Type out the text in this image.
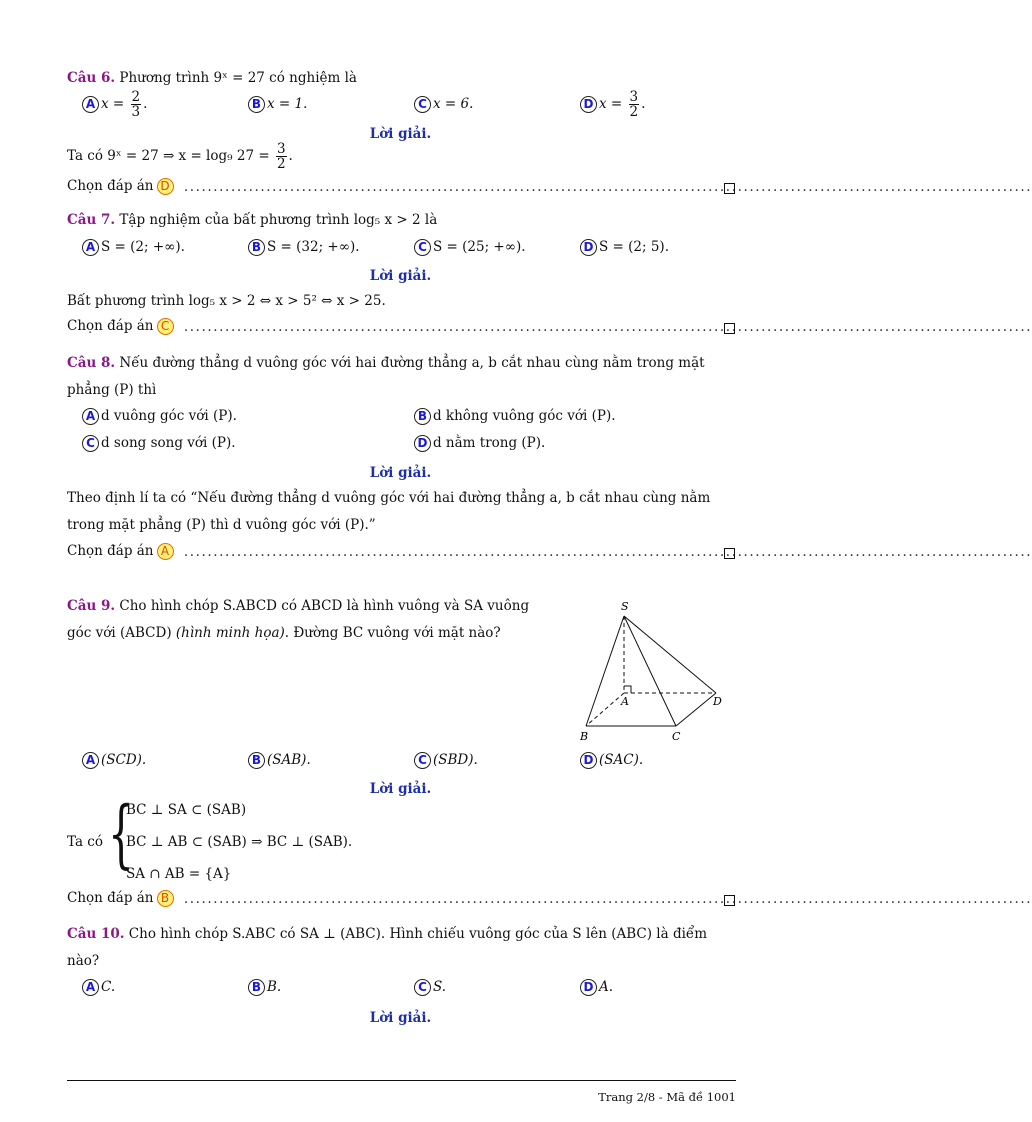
Câu 6. Phương trình 9ˣ = 27 có nghiệm là
A $x = \frac{2}{3}$ .	B x = 1.	C x = 6.	D $x = \frac{3}{2}$ .
Lời giải.
Ta có 9ˣ = 27 ⇒ x = log₉ $27 = \frac{3}{2}$ .
Chọn đáp án D ................................................................................................................................................
Câu 7. Tập nghiệm của bất phương trình log₅ x > 2 là
A S = (2; +∞).	B S = (32; +∞).	C S = (25; +∞).	D S = (2; 5).
Lời giải.
Bất phương trình log₅ x > 2 ⇔ x > 5² ⇔ x > 25.
Chọn đáp án C ................................................................................................................................................
Câu 8. Nếu đường thẳng d vuông góc với hai đường thẳng a, b cắt nhau cùng nằm trong mặt
phẳng (P) thì
A d vuông góc với (P).	B d không vuông góc với (P).
C d song song với (P).	D d nằm trong (P).
Lời giải.
Theo định lí ta có “Nếu đường thẳng d vuông góc với hai đường thẳng a, b cắt nhau cùng nằm
trong mặt phẳng (P) thì d vuông góc với (P).”
Chọn đáp án A ................................................................................................................................................
Câu 9. Cho hình chóp S.ABCD có ABCD là hình vuông và SA vuông
góc với (ABCD) (hình minh họa). Đường BC vuông với mặt nào?
S
A
B	C
D
A (SCD).	B (SAB).	C (SBD).	D (SAC).
Lời giải.
Ta có {
BC ⊥ SA ⊂ (SAB)
BC ⊥ AB ⊂ (SAB) ⇒ BC ⊥ (SAB).
SA ∩ AB = {A}
Chọn đáp án B ................................................................................................................................................
Câu 10. Cho hình chóp S.ABC có SA ⊥ (ABC). Hình chiếu vuông góc của S lên (ABC) là điểm
nào?
A C.	B B.	C S.	D A.
Lời giải.
Trang 2/8 - Mã đề 1001
